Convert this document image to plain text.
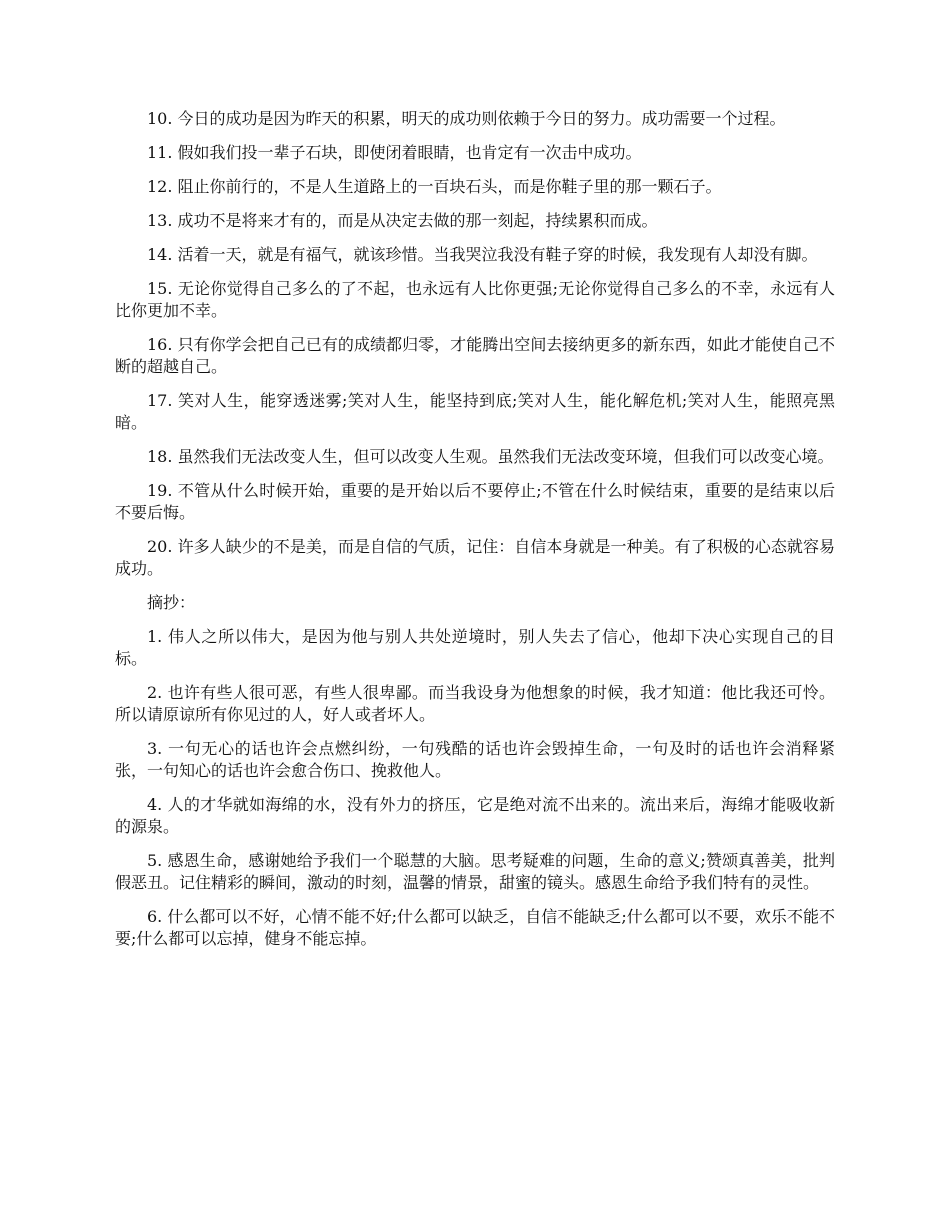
10. 今日的成功是因为昨天的积累，明天的成功则依赖于今日的努力。成功需要一个过程。

11. 假如我们投一辈子石块，即使闭着眼睛，也肯定有一次击中成功。

12. 阻止你前行的，不是人生道路上的一百块石头，而是你鞋子里的那一颗石子。

13. 成功不是将来才有的，而是从决定去做的那一刻起，持续累积而成。

14. 活着一天，就是有福气，就该珍惜。当我哭泣我没有鞋子穿的时候，我发现有人却没有脚。

15. 无论你觉得自己多么的了不起，也永远有人比你更强;无论你觉得自己多么的不幸，永远有人比你更加不幸。

16. 只有你学会把自己已有的成绩都归零，才能腾出空间去接纳更多的新东西，如此才能使自己不断的超越自己。

17. 笑对人生，能穿透迷雾;笑对人生，能坚持到底;笑对人生，能化解危机;笑对人生，能照亮黑暗。

18. 虽然我们无法改变人生，但可以改变人生观。虽然我们无法改变环境，但我们可以改变心境。

19. 不管从什么时候开始，重要的是开始以后不要停止;不管在什么时候结束，重要的是结束以后不要后悔。

20. 许多人缺少的不是美，而是自信的气质，记住：自信本身就是一种美。有了积极的心态就容易成功。

摘抄：

1. 伟人之所以伟大，是因为他与别人共处逆境时，别人失去了信心，他却下决心实现自己的目标。

2. 也许有些人很可恶，有些人很卑鄙。而当我设身为他想象的时候，我才知道：他比我还可怜。所以请原谅所有你见过的人，好人或者坏人。

3. 一句无心的话也许会点燃纠纷，一句残酷的话也许会毁掉生命，一句及时的话也许会消释紧张，一句知心的话也许会愈合伤口、挽救他人。

4. 人的才华就如海绵的水，没有外力的挤压，它是绝对流不出来的。流出来后，海绵才能吸收新的源泉。

5. 感恩生命，感谢她给予我们一个聪慧的大脑。思考疑难的问题，生命的意义;赞颂真善美，批判假恶丑。记住精彩的瞬间，激动的时刻，温馨的情景，甜蜜的镜头。感恩生命给予我们特有的灵性。

6. 什么都可以不好，心情不能不好;什么都可以缺乏，自信不能缺乏;什么都可以不要，欢乐不能不要;什么都可以忘掉，健身不能忘掉。
